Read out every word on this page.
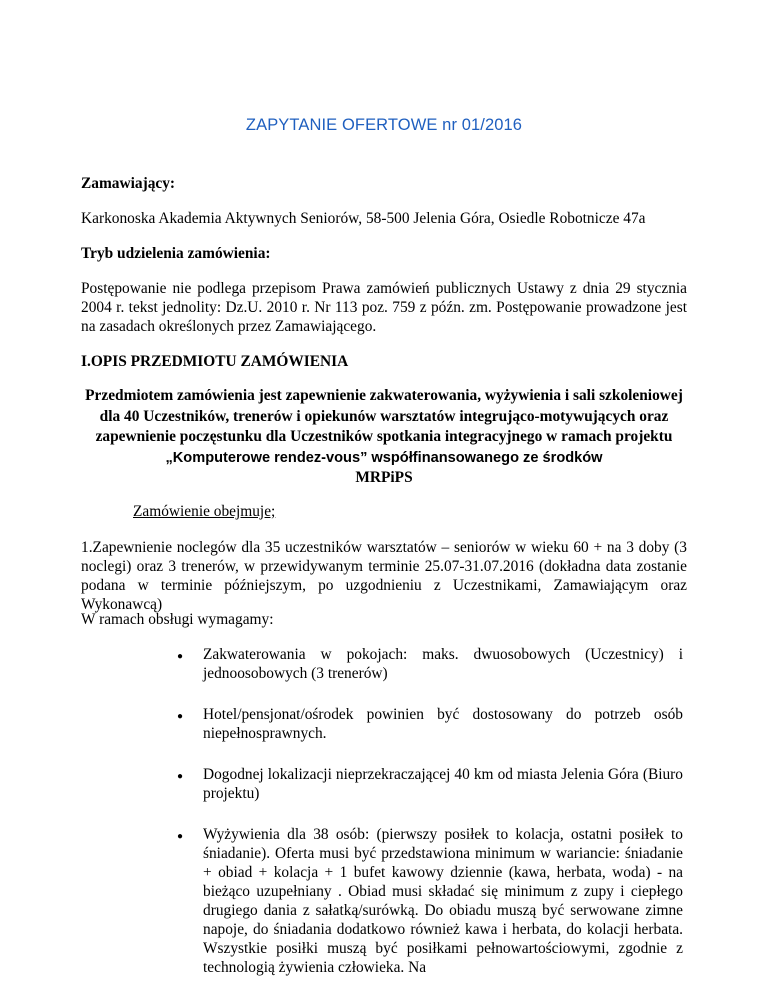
ZAPYTANIE OFERTOWE nr 01/2016
Zamawiający:
Karkonoska Akademia Aktywnych Seniorów, 58-500 Jelenia Góra, Osiedle Robotnicze 47a
Tryb udzielenia zamówienia:
Postępowanie nie podlega przepisom Prawa zamówień publicznych Ustawy z dnia 29 stycznia 2004 r. tekst jednolity: Dz.U. 2010 r. Nr 113 poz. 759 z późn. zm. Postępowanie prowadzone jest na zasadach określonych przez Zamawiającego.
I.OPIS PRZEDMIOTU ZAMÓWIENIA
Przedmiotem zamówienia jest zapewnienie zakwaterowania, wyżywienia i sali szkoleniowej dla 40 Uczestników, trenerów i opiekunów warsztatów integrująco-motywujących oraz zapewnienie poczęstunku dla Uczestników spotkania integracyjnego w ramach projektu „Komputerowe rendez-vous” współfinansowanego ze środków
MRPiPS
Zamówienie obejmuje;
1.Zapewnienie noclegów dla 35 uczestników warsztatów – seniorów w wieku 60 + na 3 doby (3 noclegi) oraz 3 trenerów, w przewidywanym terminie 25.07-31.07.2016 (dokładna data zostanie podana w terminie późniejszym, po uzgodnieniu z Uczestnikami, Zamawiającym oraz Wykonawcą)
W ramach obsługi wymagamy:
● Zakwaterowania w pokojach: maks. dwuosobowych (Uczestnicy) i jednoosobowych (3 trenerów)
● Hotel/pensjonat/ośrodek powinien być dostosowany do potrzeb osób niepełnosprawnych.
● Dogodnej lokalizacji nieprzekraczającej 40 km od miasta Jelenia Góra (Biuro projektu)
● Wyżywienia dla 38 osób: (pierwszy posiłek to kolacja, ostatni posiłek to śniadanie). Oferta musi być przedstawiona minimum w wariancie: śniadanie + obiad + kolacja + 1 bufet kawowy dziennie (kawa, herbata, woda) - na bieżąco uzupełniany . Obiad musi składać się minimum z zupy i ciepłego drugiego dania z sałatką/surówką. Do obiadu muszą być serwowane zimne napoje, do śniadania dodatkowo również kawa i herbata, do kolacji herbata. Wszystkie posiłki muszą być posiłkami pełnowartościowymi, zgodnie z technologią żywienia człowieka. Na
